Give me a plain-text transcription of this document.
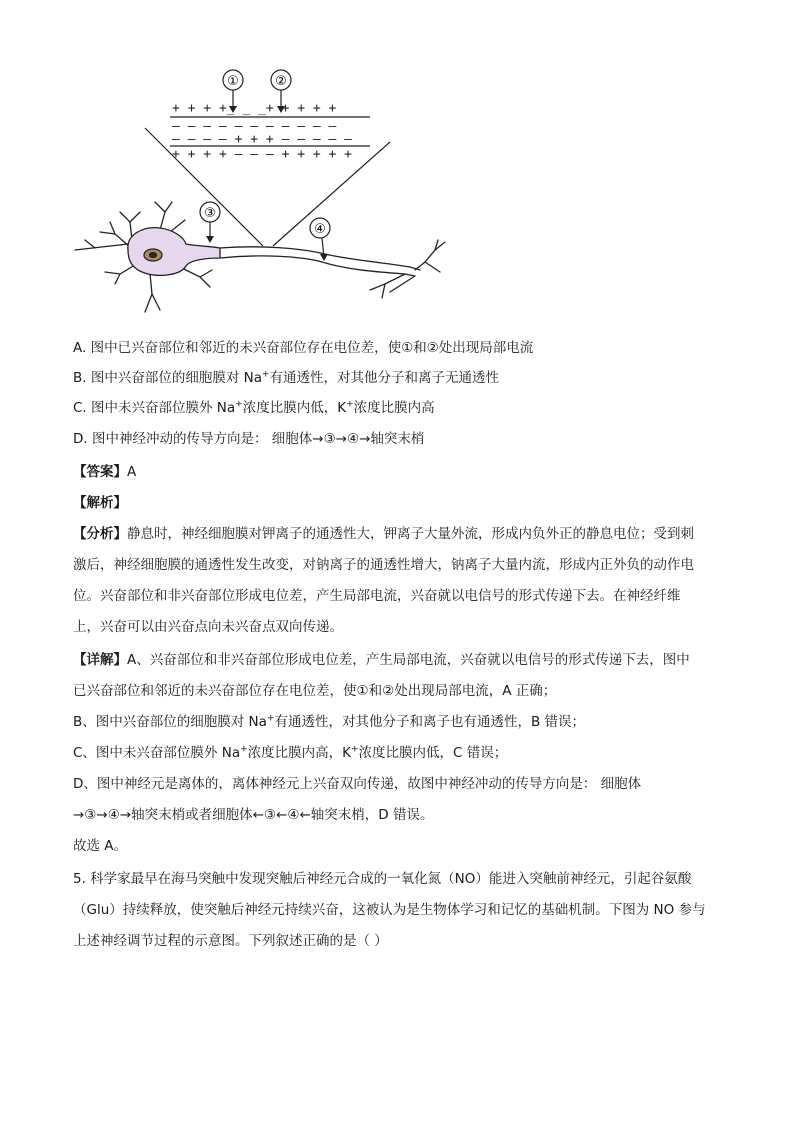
①	②
+ + + +_ _ _+ + + + +
– – – – – – – – – – –
– – – – + + + – – – – –
+ + + + – – – + + + + +
③
④
A. 图中已兴奋部位和邻近的未兴奋部位存在电位差，使①和②处出现局部电流
B. 图中兴奋部位的细胞膜对 Na+有通透性，对其他分子和离子无通透性
C. 图中未兴奋部位膜外 Na+浓度比膜内低，K+浓度比膜内高
D. 图中神经冲动的传导方向是： 细胞体→③→④→轴突末梢
【答案】A
【解析】
【分析】静息时，神经细胞膜对钾离子的通透性大，钾离子大量外流，形成内负外正的静息电位；受到刺
激后，神经细胞膜的通透性发生改变，对钠离子的通透性增大，钠离子大量内流，形成内正外负的动作电
位。兴奋部位和非兴奋部位形成电位差，产生局部电流，兴奋就以电信号的形式传递下去。在神经纤维
上，兴奋可以由兴奋点向未兴奋点双向传递。
【详解】A、兴奋部位和非兴奋部位形成电位差，产生局部电流，兴奋就以电信号的形式传递下去，图中
已兴奋部位和邻近的未兴奋部位存在电位差，使①和②处出现局部电流，A 正确；
B、图中兴奋部位的细胞膜对 Na+有通透性，对其他分子和离子也有通透性，B 错误；
C、图中未兴奋部位膜外 Na+浓度比膜内高，K+浓度比膜内低，C 错误；
D、图中神经元是离体的，离体神经元上兴奋双向传递，故图中神经冲动的传导方向是： 细胞体
→③→④→轴突末梢或者细胞体←③←④←轴突末梢，D 错误。
故选 A。
5. 科学家最早在海马突触中发现突触后神经元合成的一氧化氮（NO）能进入突触前神经元，引起谷氨酸
（Glu）持续释放，使突触后神经元持续兴奋，这被认为是生物体学习和记忆的基础机制。下图为 NO 参与
上述神经调节过程的示意图。下列叙述正确的是（ ）
